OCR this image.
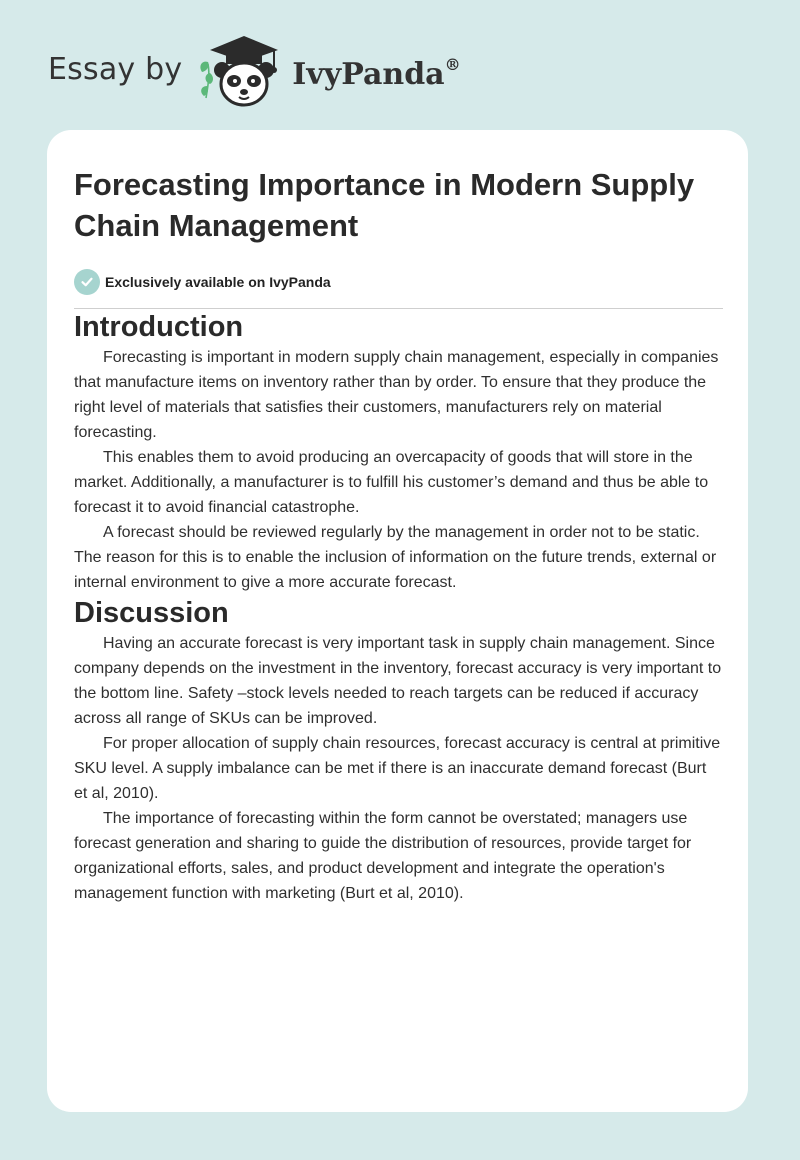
Essay by	IvyPanda®
Forecasting Importance in Modern Supply Chain Management
Exclusively available on IvyPanda
Introduction

Forecasting is important in modern supply chain management, especially in companies that manufacture items on inventory rather than by order. To ensure that they produce the right level of materials that satisfies their customers, manufacturers rely on material forecasting.

This enables them to avoid producing an overcapacity of goods that will store in the market. Additionally, a manufacturer is to fulfill his customer’s demand and thus be able to forecast it to avoid financial catastrophe.

A forecast should be reviewed regularly by the management in order not to be static. The reason for this is to enable the inclusion of information on the future trends, external or internal environment to give a more accurate forecast.

Discussion

Having an accurate forecast is very important task in supply chain management. Since company depends on the investment in the inventory, forecast accuracy is very important to the bottom line. Safety –stock levels needed to reach targets can be reduced if accuracy across all range of SKUs can be improved.

For proper allocation of supply chain resources, forecast accuracy is central at primitive SKU level. A supply imbalance can be met if there is an inaccurate demand forecast (Burt et al, 2010).

The importance of forecasting within the form cannot be overstated; managers use forecast generation and sharing to guide the distribution of resources, provide target for organizational efforts, sales, and product development and integrate the operation's management function with marketing (Burt et al, 2010).
